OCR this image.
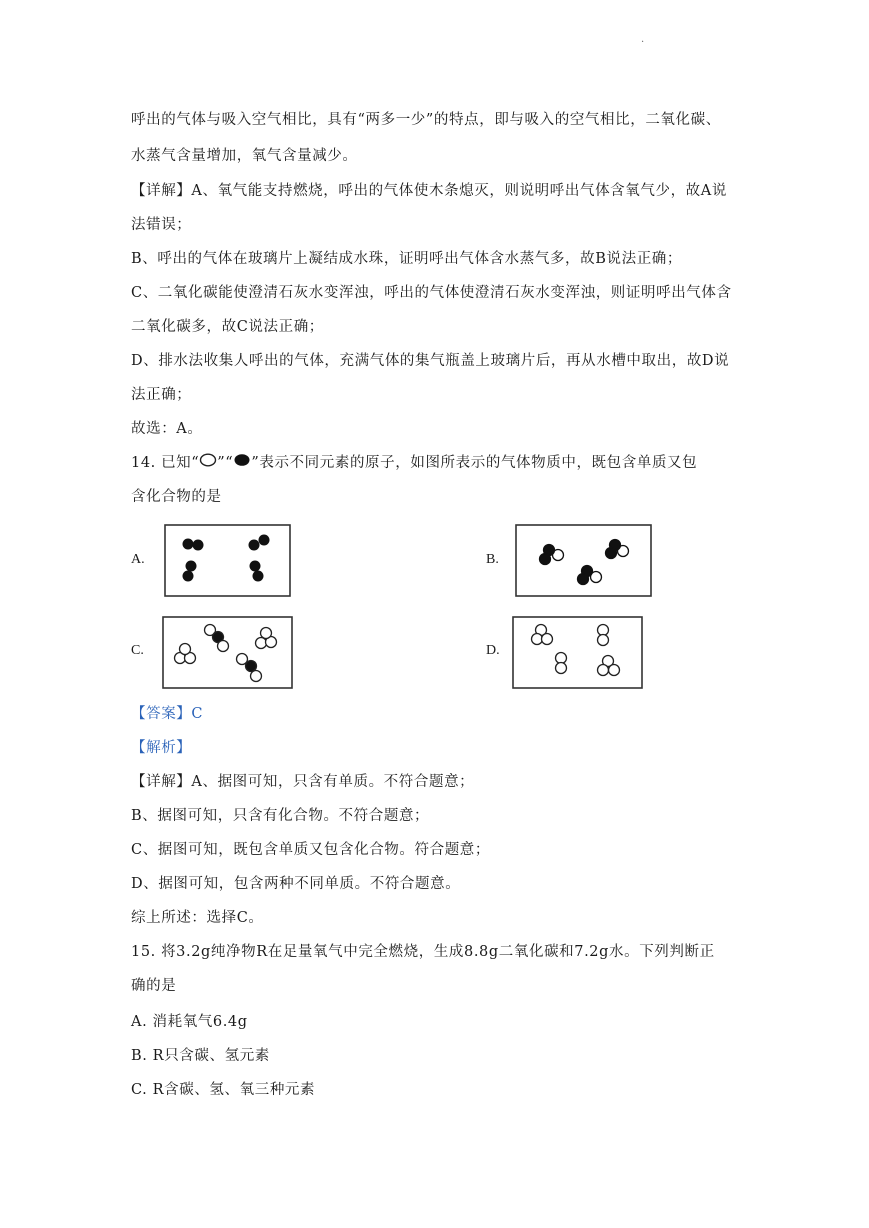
.
呼出的气体与吸入空气相比，具有“两多一少”的特点，即与吸入的空气相比，二氧化碳、
水蒸气含量增加，氧气含量减少。
【详解】A、氧气能支持燃烧，呼出的气体使木条熄灭，则说明呼出气体含氧气少，故A说
法错误；
B、呼出的气体在玻璃片上凝结成水珠，证明呼出气体含水蒸气多，故B说法正确；
C、二氧化碳能使澄清石灰水变浑浊，呼出的气体使澄清石灰水变浑浊，则证明呼出气体含
二氧化碳多，故C说法正确；
D、排水法收集人呼出的气体，充满气体的集气瓶盖上玻璃片后，再从水槽中取出，故D说
法正确；
故选：A。
14. 已知“ ”“ ”表示不同元素的原子，如图所表示的气体物质中，既包含单质又包
含化合物的是
A.	B.
C.	D.
【答案】C
【解析】
【详解】A、据图可知，只含有单质。不符合题意；
B、据图可知，只含有化合物。不符合题意；
C、据图可知，既包含单质又包含化合物。符合题意；
D、据图可知，包含两种不同单质。不符合题意。
综上所述：选择C。
15. 将3.2g纯净物R在足量氧气中完全燃烧，生成8.8g二氧化碳和7.2g水。下列判断正
确的是
A. 消耗氧气6.4g
B. R只含碳、氢元素
C. R含碳、氢、氧三种元素
